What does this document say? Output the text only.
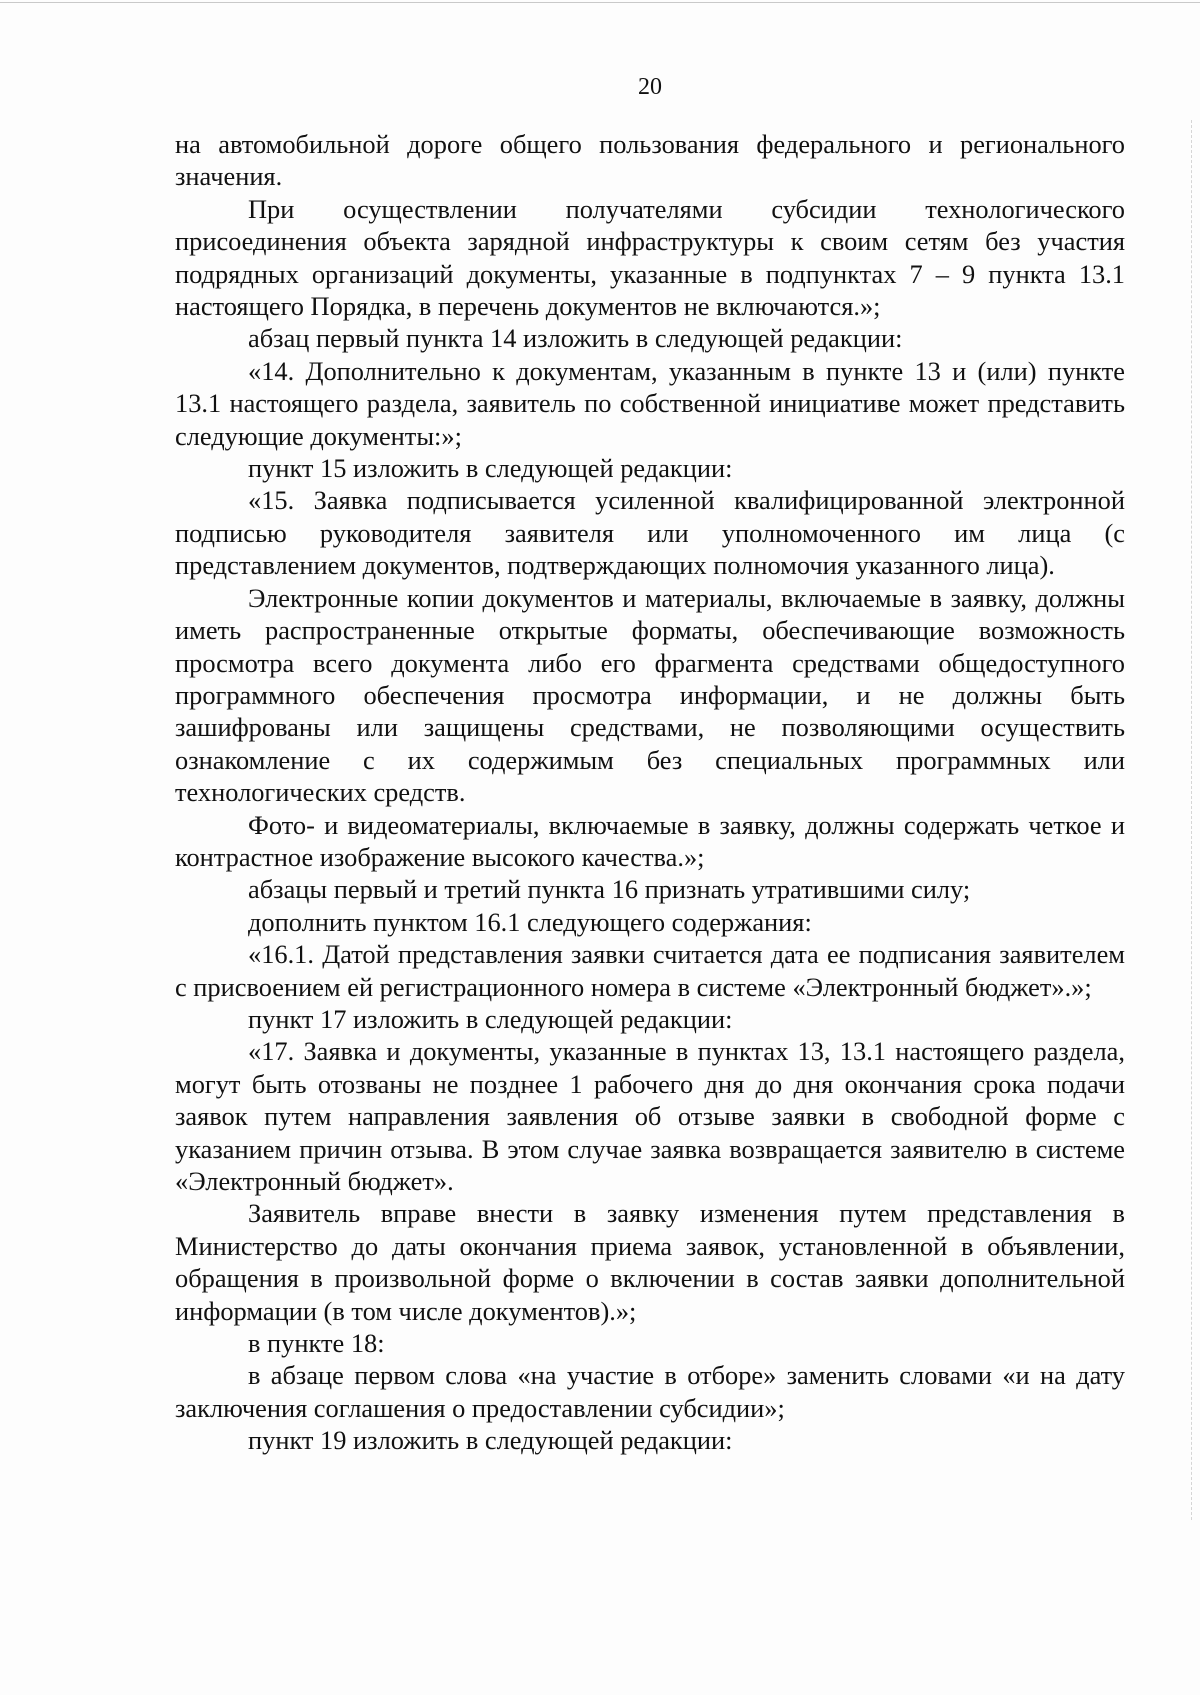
20

на автомобильной дороге общего пользования федерального и регионального значения.

При осуществлении получателями субсидии технологического присоединения объекта зарядной инфраструктуры к своим сетям без участия подрядных организаций документы, указанные в подпунктах 7 – 9 пункта 13.1 настоящего Порядка, в перечень документов не включаются.»;

абзац первый пункта 14 изложить в следующей редакции:

«14. Дополнительно к документам, указанным в пункте 13 и (или) пункте 13.1 настоящего раздела, заявитель по собственной инициативе может представить следующие документы:»;

пункт 15 изложить в следующей редакции:

«15. Заявка подписывается усиленной квалифицированной электронной подписью руководителя заявителя или уполномоченного им лица (с представлением документов, подтверждающих полномочия указанного лица).

Электронные копии документов и материалы, включаемые в заявку, должны иметь распространенные открытые форматы, обеспечивающие возможность просмотра всего документа либо его фрагмента средствами общедоступного программного обеспечения просмотра информации, и не должны быть зашифрованы или защищены средствами, не позволяющими осуществить ознакомление с их содержимым без специальных программных или технологических средств.

Фото- и видеоматериалы, включаемые в заявку, должны содержать четкое и контрастное изображение высокого качества.»;

абзацы первый и третий пункта 16 признать утратившими силу;

дополнить пунктом 16.1 следующего содержания:

«16.1. Датой представления заявки считается дата ее подписания заявителем с присвоением ей регистрационного номера в системе «Электронный бюджет».»;

пункт 17 изложить в следующей редакции:

«17. Заявка и документы, указанные в пунктах 13, 13.1 настоящего раздела, могут быть отозваны не позднее 1 рабочего дня до дня окончания срока подачи заявок путем направления заявления об отзыве заявки в свободной форме с указанием причин отзыва. В этом случае заявка возвращается заявителю в системе «Электронный бюджет».

Заявитель вправе внести в заявку изменения путем представления в Министерство до даты окончания приема заявок, установленной в объявлении, обращения в произвольной форме о включении в состав заявки дополнительной информации (в том числе документов).»;

в пункте 18:

в абзаце первом слова «на участие в отборе» заменить словами «и на дату заключения соглашения о предоставлении субсидии»;

пункт 19 изложить в следующей редакции:
